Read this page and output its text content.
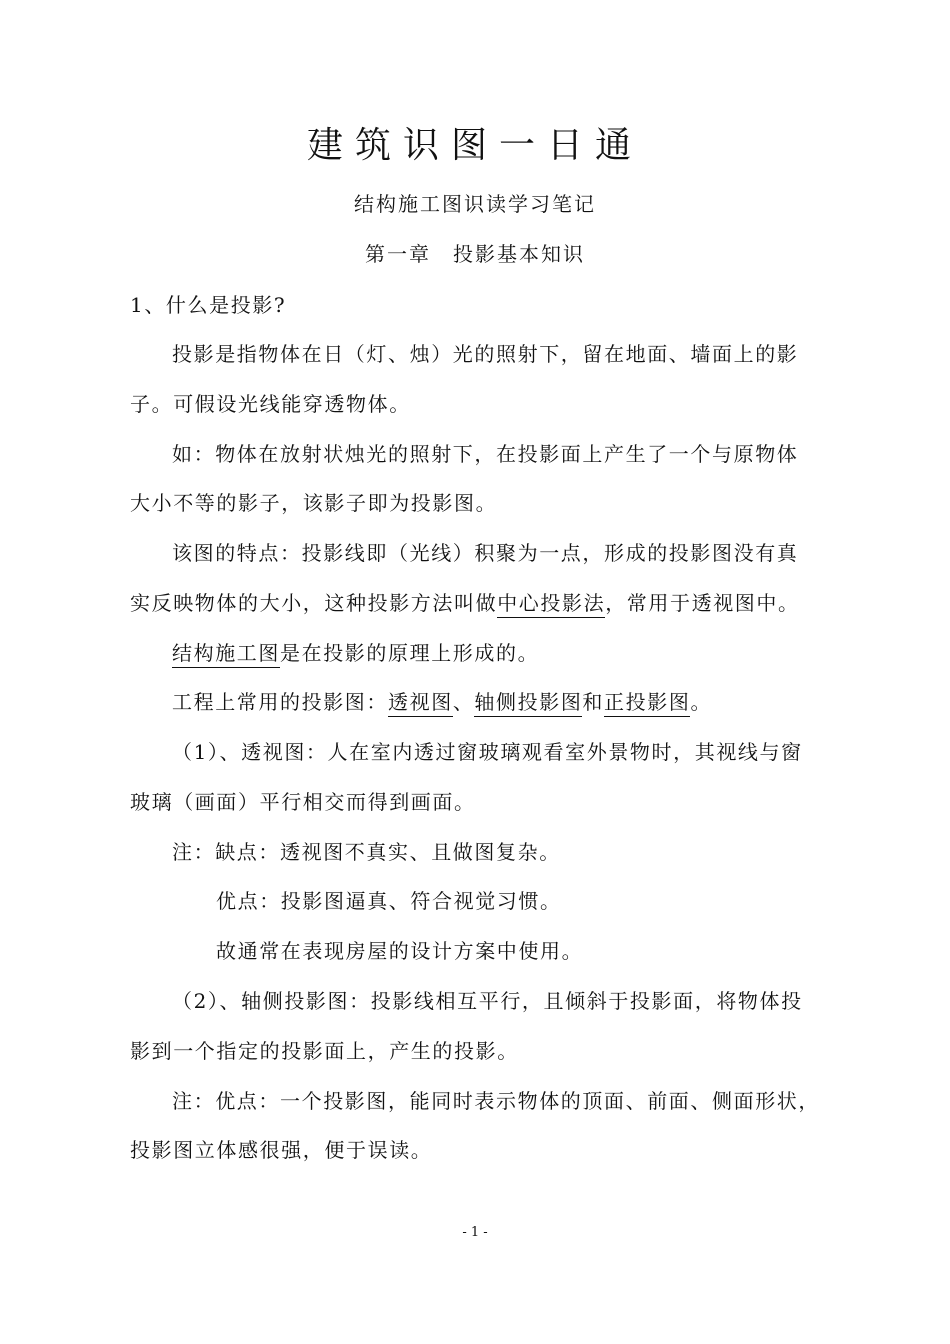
建筑识图一日通
结构施工图识读学习笔记
第一章　投影基本知识
1、什么是投影?
投影是指物体在日（灯、烛）光的照射下，留在地面、墙面上的影
子。可假设光线能穿透物体。
如：物体在放射状烛光的照射下，在投影面上产生了一个与原物体
大小不等的影子，该影子即为投影图。
该图的特点：投影线即（光线）积聚为一点，形成的投影图没有真
实反映物体的大小，这种投影方法叫做中心投影法，常用于透视图中。
结构施工图是在投影的原理上形成的。
工程上常用的投影图：透视图、轴侧投影图和正投影图。
（1）、透视图：人在室内透过窗玻璃观看室外景物时，其视线与窗
玻璃（画面）平行相交而得到画面。
注：缺点：透视图不真实、且做图复杂。
优点：投影图逼真、符合视觉习惯。
故通常在表现房屋的设计方案中使用。
（2）、轴侧投影图：投影线相互平行，且倾斜于投影面，将物体投
影到一个指定的投影面上，产生的投影。
注：优点：一个投影图，能同时表示物体的顶面、前面、侧面形状，
投影图立体感很强，便于误读。
- 1 -
